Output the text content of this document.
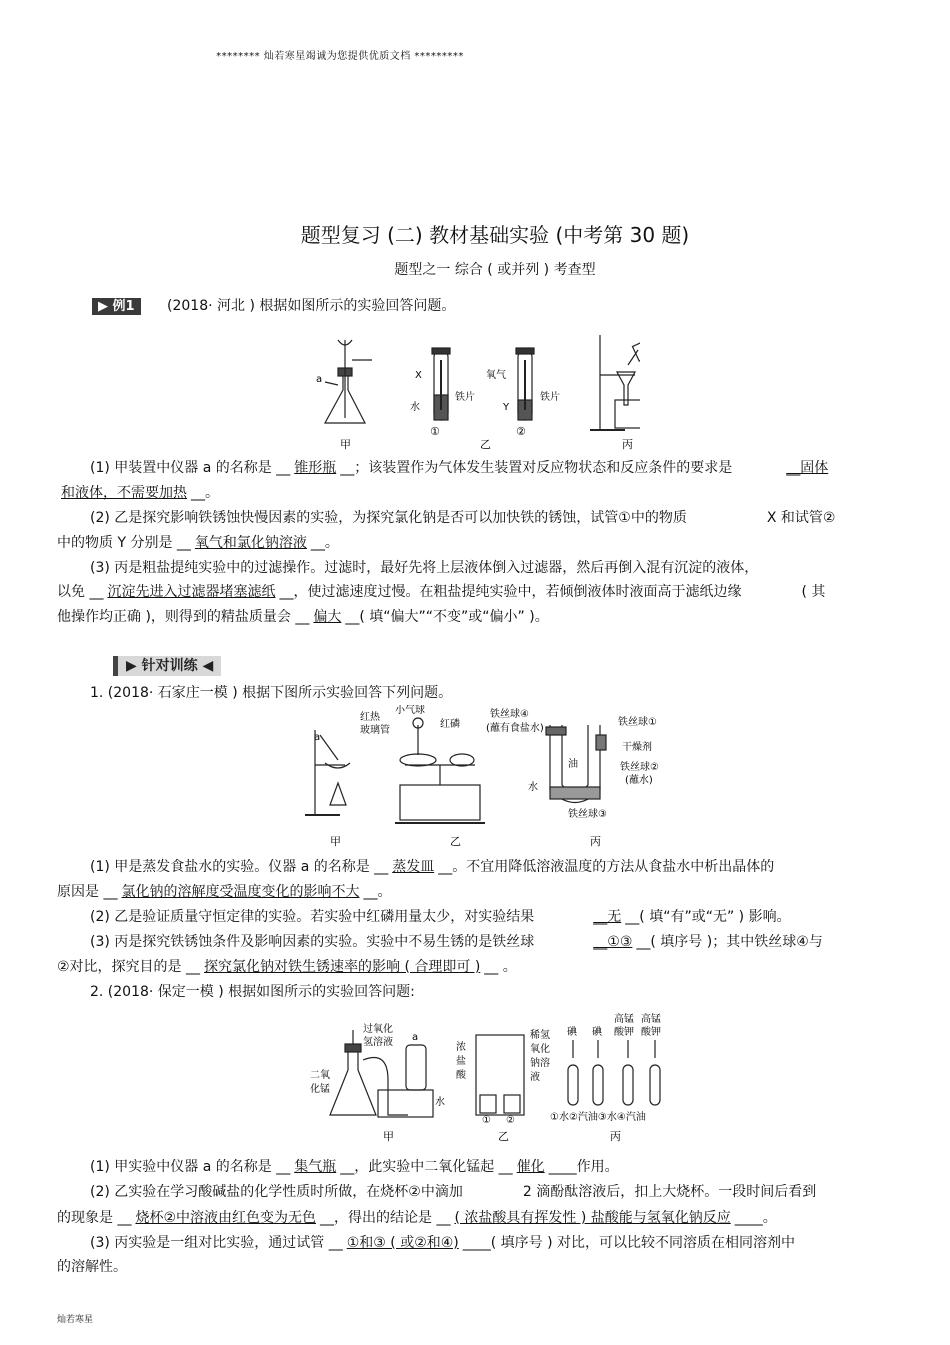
******** 灿若寒星竭诚为您提供优质文档 *********
题型复习 (二) 教材基础实验 (中考第 30 题)
题型之一 综合 ( 或并列 ) 考查型
▶ 例1 (2018· 河北 ) 根据如图所示的实验回答问题。
a
甲
X
水
铁片
氧气
Y
铁片
①	②
乙	丙
(1) 甲装置中仪器 a 的名称是 __ 锥形瓶 __；该装置作为气体发生装置对反应物状态和反应条件的要求是	__固体
和液体，不需要加热 __。
(2) 乙是探究影响铁锈蚀快慢因素的实验，为探究氯化钠是否可以加快铁的锈蚀，试管①中的物质	X 和试管②
中的物质 Y 分别是 __ 氧气和氯化钠溶液 __。
(3) 丙是粗盐提纯实验中的过滤操作。过滤时，最好先将上层液体倒入过滤器，然后再倒入混有沉淀的液体，
以免 __ 沉淀先进入过滤器堵塞滤纸 __，使过滤速度过慢。在粗盐提纯实验中，若倾倒液体时液面高于滤纸边缘	( 其
他操作均正确 )，则得到的精盐质量会 __ 偏大 __( 填“偏大”“不变”或“偏小” )。
▶ 针对训练 ◀
1. (2018· 石家庄一模 ) 根据下图所示实验回答下列问题。
a
甲
红热
玻璃管
小气球
红磷
乙
铁丝球④
(蘸有食盐水)
铁丝球①
干燥剂
油	铁丝球②
(蘸水)
水
铁丝球③
丙
(1) 甲是蒸发食盐水的实验。仪器 a 的名称是 __ 蒸发皿 __。不宜用降低溶液温度的方法从食盐水中析出晶体的
原因是 __ 氯化钠的溶解度受温度变化的影响不大 __。
(2) 乙是验证质量守恒定律的实验。若实验中红磷用量太少，对实验结果	__无 __( 填“有”或“无” ) 影响。
(3) 丙是探究铁锈蚀条件及影响因素的实验。实验中不易生锈的是铁丝球	__①③ __( 填序号 )；其中铁丝球④与
②对比，探究目的是 __ 探究氯化钠对铁生锈速率的影响 ( 合理即可 ) __ 。
2. (2018· 保定一模 ) 根据如图所示的实验回答问题:
过氧化
氢溶液 a
二氧
化锰
水
甲
浓
盐
酸
稀氢
氧化
钠溶
液
① ②
乙
碘 碘
高锰
酸钾
高锰
酸钾
①水②汽油③水④汽油
丙
(1) 甲实验中仪器 a 的名称是 __ 集气瓶 __，此实验中二氧化锰起 __ 催化 ____作用。
(2) 乙实验在学习酸碱盐的化学性质时所做，在烧杯②中滴加	2 滴酚酞溶液后，扣上大烧杯。一段时间后看到
的现象是 __ 烧杯②中溶液由红色变为无色 __，得出的结论是 __ ( 浓盐酸具有挥发性 ) 盐酸能与氢氧化钠反应 ____。
(3) 丙实验是一组对比实验，通过试管 __ ①和③ ( 或②和④) ____( 填序号 ) 对比，可以比较不同溶质在相同溶剂中
的溶解性。
灿若寒星
